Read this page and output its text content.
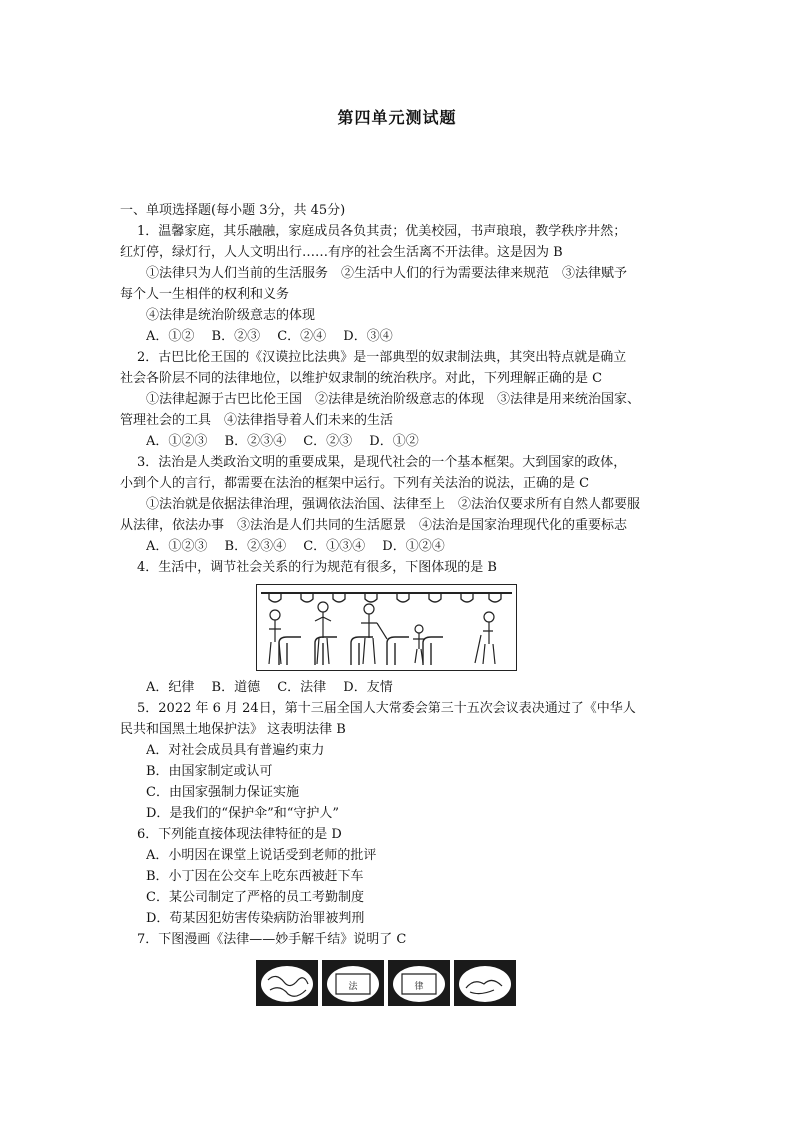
第四单元测试题
一、单项选择题(每小题 3分，共 45分)
1．温馨家庭，其乐融融，家庭成员各负其责；优美校园，书声琅琅，教学秩序井然；
红灯停，绿灯行，人人文明出行……有序的社会生活离不开法律。这是因为 B
①法律只为人们当前的生活服务　②生活中人们的行为需要法律来规范　③法律赋予
每个人一生相伴的权利和义务
④法律是统治阶级意志的体现
A．①②　 B．②③　 C．②④　 D．③④
2．古巴比伦王国的《汉谟拉比法典》是一部典型的奴隶制法典，其突出特点就是确立
社会各阶层不同的法律地位，以维护奴隶制的统治秩序。对此，下列理解正确的是 C
①法律起源于古巴比伦王国　②法律是统治阶级意志的体现　③法律是用来统治国家、
管理社会的工具　④法律指导着人们未来的生活
A．①②③　 B．②③④　 C．②③　 D．①②
3．法治是人类政治文明的重要成果，是现代社会的一个基本框架。大到国家的政体，
小到个人的言行，都需要在法治的框架中运行。下列有关法治的说法，正确的是 C
①法治就是依据法律治理，强调依法治国、法律至上　②法治仅要求所有自然人都要服
从法律，依法办事　③法治是人们共同的生活愿景　④法治是国家治理现代化的重要标志
A．①②③　 B．②③④　 C．①③④　 D．①②④
4．生活中，调节社会关系的行为规范有很多，下图体现的是 B
A．纪律　 B．道德　 C．法律　 D．友情
5．2022 年 6 月 24日，第十三届全国人大常委会第三十五次会议表决通过了《中华人
民共和国黑土地保护法》 这表明法律 B
A．对社会成员具有普遍约束力
B．由国家制定或认可
C．由国家强制力保证实施
D．是我们的“保护伞”和“守护人”
6．下列能直接体现法律特征的是 D
A．小明因在课堂上说话受到老师的批评
B．小丁因在公交车上吃东西被赶下车
C．某公司制定了严格的员工考勤制度
D．苟某因犯妨害传染病防治罪被判刑
7．下图漫画《法律——妙手解千结》说明了 C
法	律
